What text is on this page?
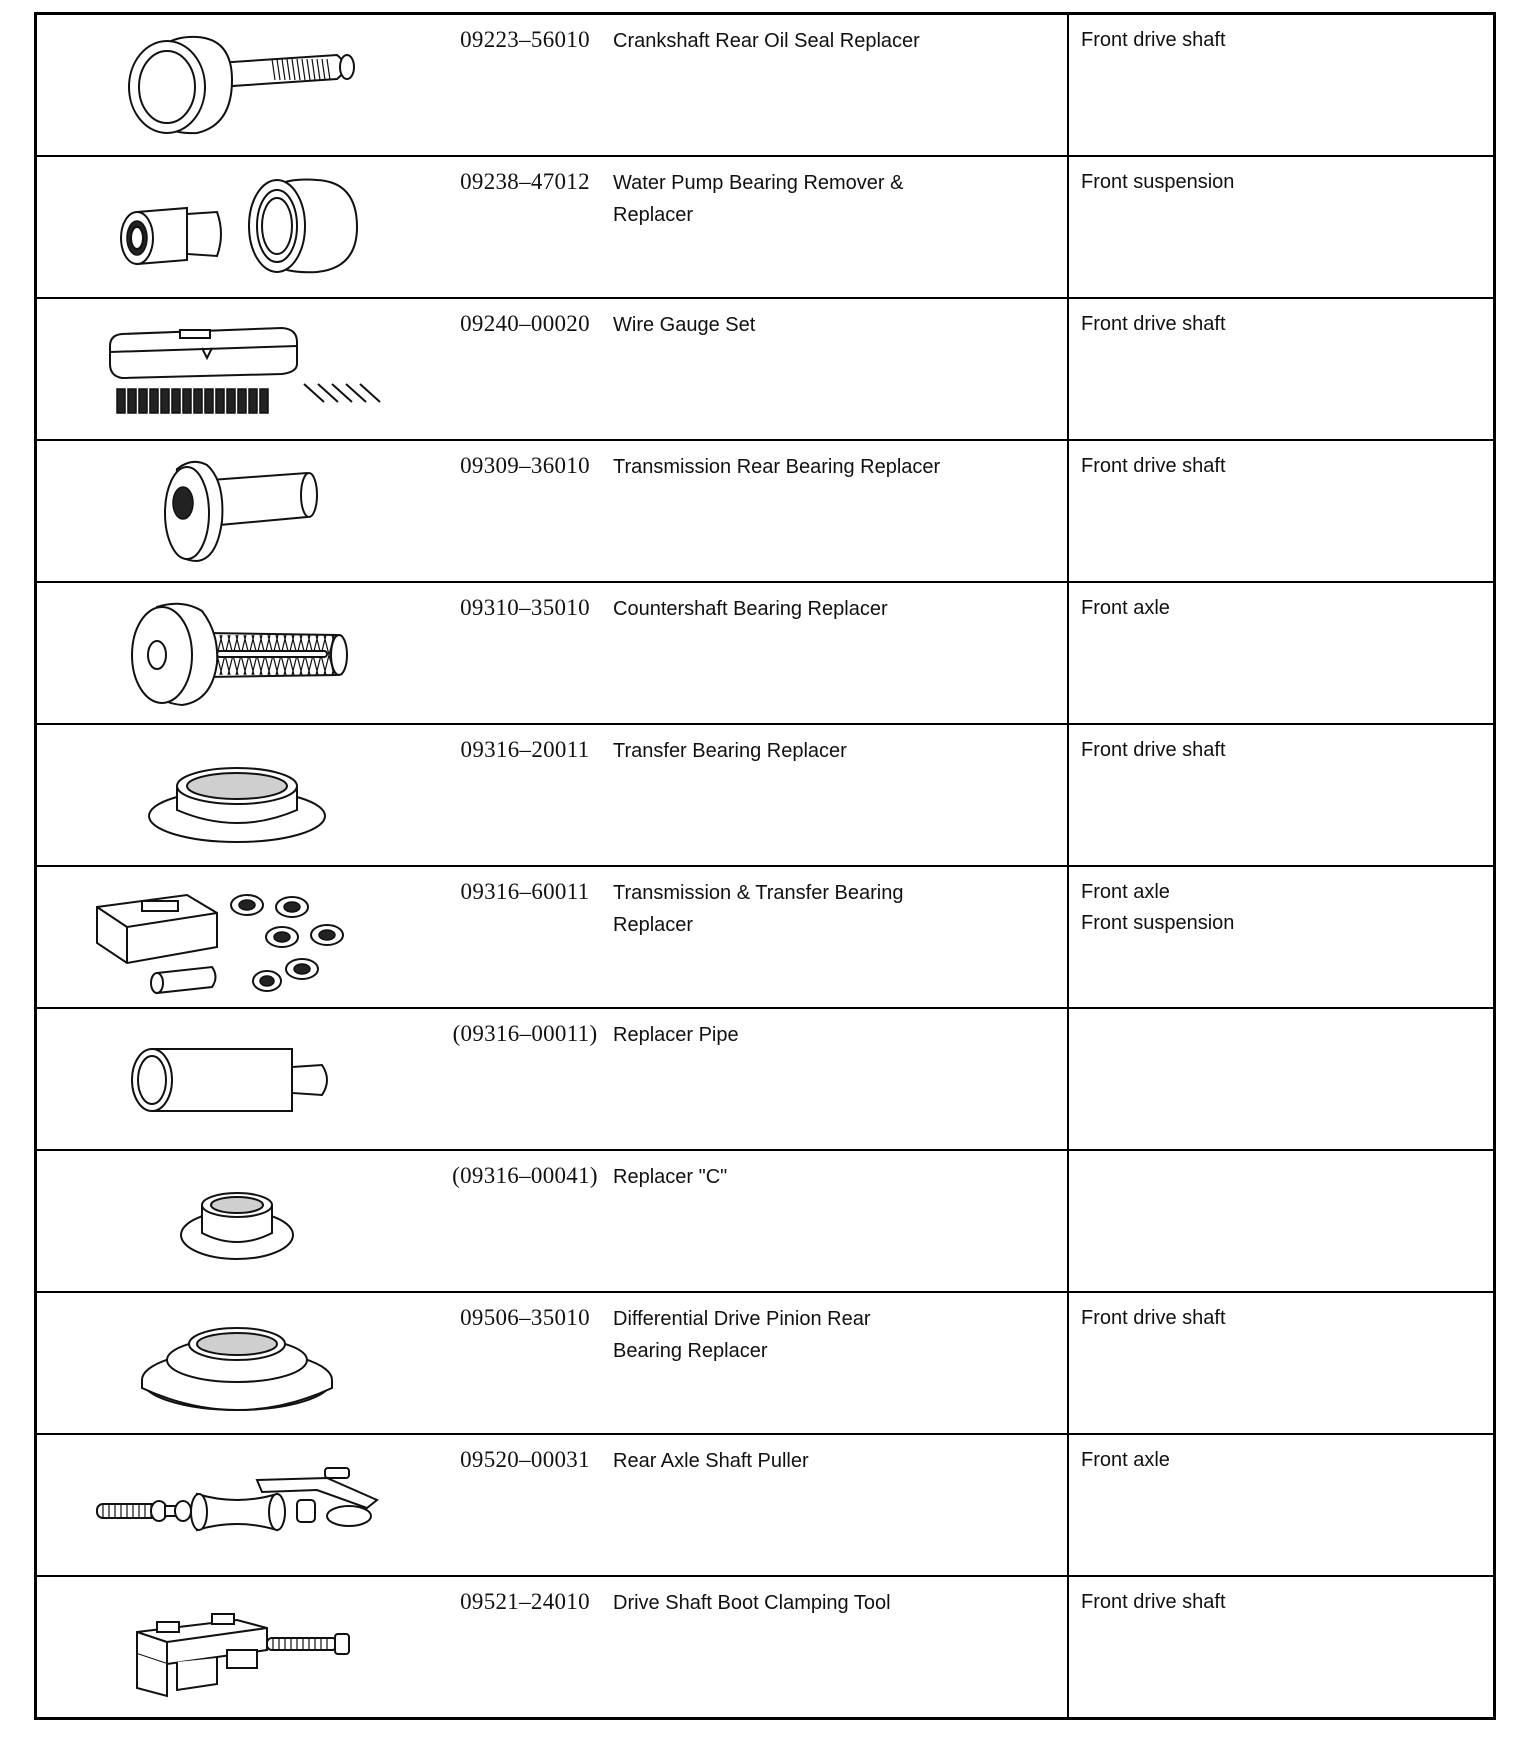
09223–56010	Crankshaft Rear Oil Seal Replacer	Front drive shaft

09238–47012	Water Pump Bearing Remover & Replacer	Front suspension

09240–00020	Wire Gauge Set	Front drive shaft

09309–36010	Transmission Rear Bearing Replacer	Front drive shaft

09310–35010	Countershaft Bearing Replacer	Front axle

09316–20011	Transfer Bearing Replacer	Front drive shaft

09316–60011	Transmission & Transfer Bearing Replacer	Front axle
Front suspension

(09316–00011)	Replacer Pipe	

(09316–00041)	Replacer "C"	

09506–35010	Differential Drive Pinion Rear Bearing Replacer	Front drive shaft

09520–00031	Rear Axle Shaft Puller	Front axle

09521–24010	Drive Shaft Boot Clamping Tool	Front drive shaft
